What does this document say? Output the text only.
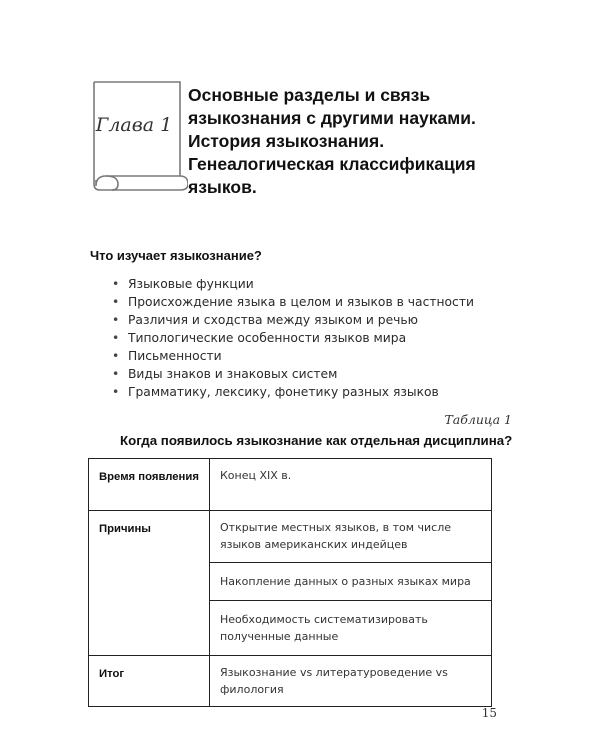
Глава 1
Основные разделы и связь
языкознания с другими науками.
История языкознания.
Генеалогическая классификация
языков.
Что изучает языкознание?
• Языковые функции
• Происхождение языка в целом и языков в частности
• Различия и сходства между языком и речью
• Типологические особенности языков мира
• Письменности
• Виды знаков и знаковых систем
• Грамматику, лексику, фонетику разных языков
Таблица 1
Когда появилось языкознание как отдельная дисциплина?
Время появления	Конец XIX в.
Причины	Открытие местных языков, в том числе языков американских индейцев
Накопление данных о разных языках мира
Необходимость систематизировать полученные данные

Итог	Языкознание vs литературоведение vs филология
15
